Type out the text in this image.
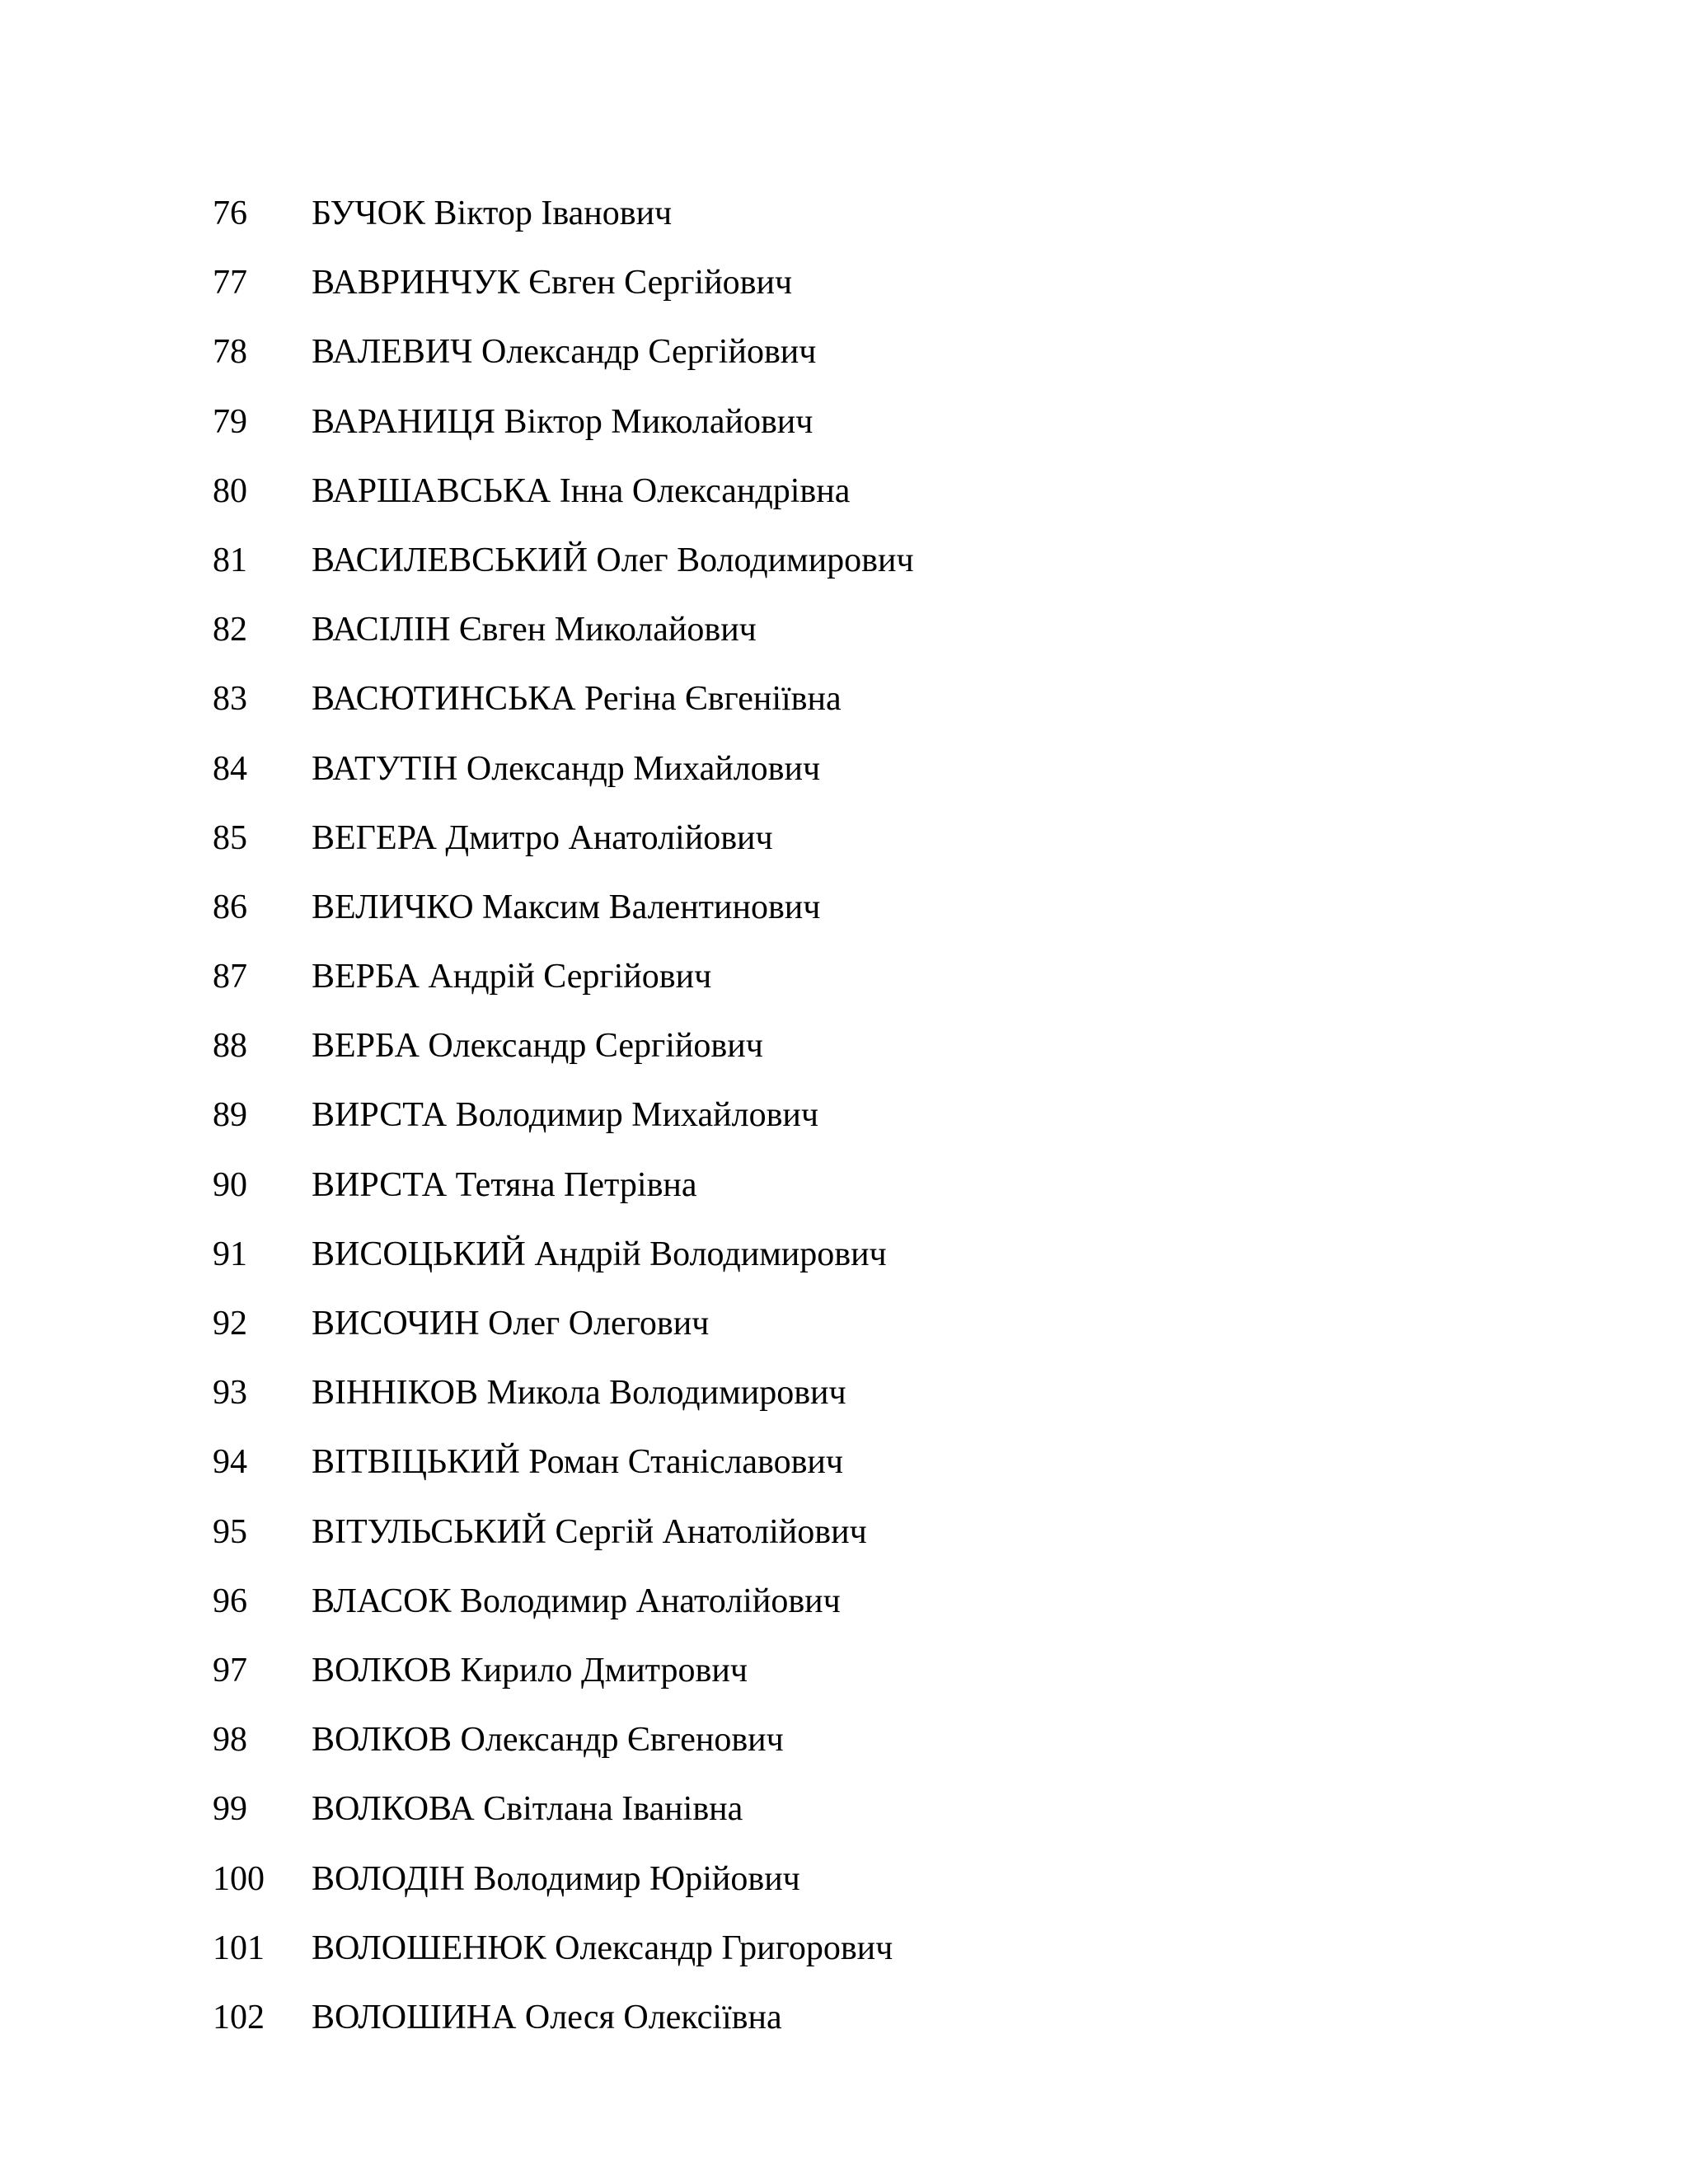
76	БУЧОК Віктор Іванович
77	ВАВРИНЧУК Євген Сергійович
78	ВАЛЕВИЧ Олександр Сергійович
79	ВАРАНИЦЯ Віктор Миколайович
80	ВАРШАВСЬКА Інна Олександрівна
81	ВАСИЛЕВСЬКИЙ Олег Володимирович
82	ВАСІЛІН Євген Миколайович
83	ВАСЮТИНСЬКА Регіна Євгеніївна
84	ВАТУТІН Олександр Михайлович
85	ВЕГЕРА Дмитро Анатолійович
86	ВЕЛИЧКО Максим Валентинович
87	ВЕРБА Андрій Сергійович
88	ВЕРБА Олександр Сергійович
89	ВИРСТА Володимир Михайлович
90	ВИРСТА Тетяна Петрівна
91	ВИСОЦЬКИЙ Андрій Володимирович
92	ВИСОЧИН Олег Олегович
93	ВІННІКОВ Микола Володимирович
94	ВІТВІЦЬКИЙ Роман Станіславович
95	ВІТУЛЬСЬКИЙ Сергій Анатолійович
96	ВЛАСОК Володимир Анатолійович
97	ВОЛКОВ Кирило Дмитрович
98	ВОЛКОВ Олександр Євгенович
99	ВОЛКОВА Світлана Іванівна
100	ВОЛОДІН Володимир Юрійович
101	ВОЛОШЕНЮК Олександр Григорович
102	ВОЛОШИНА Олеся Олексіївна
